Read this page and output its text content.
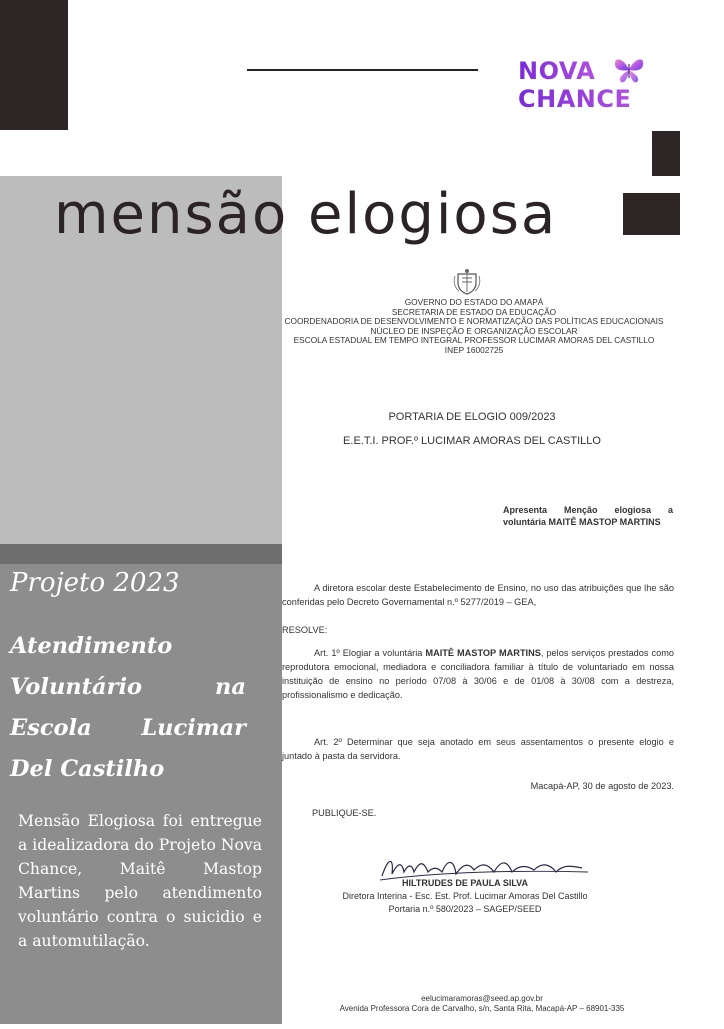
NOVA
CHANCE
mensão elogiosa
GOVERNO DO ESTADO DO AMAPÁ
SECRETARIA DE ESTADO DA EDUCAÇÃO
COORDENADORIA DE DESENVOLVIMENTO E NORMATIZAÇÃO DAS POLÍTICAS EDUCACIONAIS
NÚCLEO DE INSPEÇÃO E ORGANIZAÇÃO ESCOLAR
ESCOLA ESTADUAL EM TEMPO INTEGRAL PROFESSOR LUCIMAR AMORAS DEL CASTILLO
INEP 16002725
PORTARIA DE ELOGIO 009/2023
E.E.T.I. PROF.º LUCIMAR AMORAS DEL CASTILLO
Apresenta Menção elogiosa a voluntária MAITÊ MASTOP MARTINS
A diretora escolar deste Estabelecimento de Ensino, no uso das atribuições que lhe são conferidas pelo Decreto Governamental n.º 5277/2019 – GEA,
RESOLVE:
Art. 1º Elogiar a voluntária MAITÊ MASTOP MARTINS, pelos serviços prestados como reprodutora emocional, mediadora e conciliadora familiar à título de voluntariado em nossa instituição de ensino no período 07/08 à 30/06 e de 01/08 à 30/08 com a destreza, profissionalismo e dedicação.
Art. 2º Determinar que seja anotado em seus assentamentos o presente elogio e juntado à pasta da servidora.
Macapá-AP, 30 de agosto de 2023.
PUBLIQUE-SE.
HILTRUDES DE PAULA SILVA
Diretora Interina - Esc. Est. Prof. Lucimar Amoras Del Castillo
Portaria n.º 580/2023 – SAGEP/SEED
eelucimaramoras@seed.ap.gov.br
Avenida Professora Cora de Carvalho, s/n, Santa Rita, Macapá-AP – 68901-335
Projeto 2023
Atendimento Voluntário na Escola Lucimar Del Castilho
Mensão Elogiosa foi entregue a idealizadora do Projeto Nova Chance, Maitê Mastop Martins pelo atendimento voluntário contra o suicidio e a automutilação.
